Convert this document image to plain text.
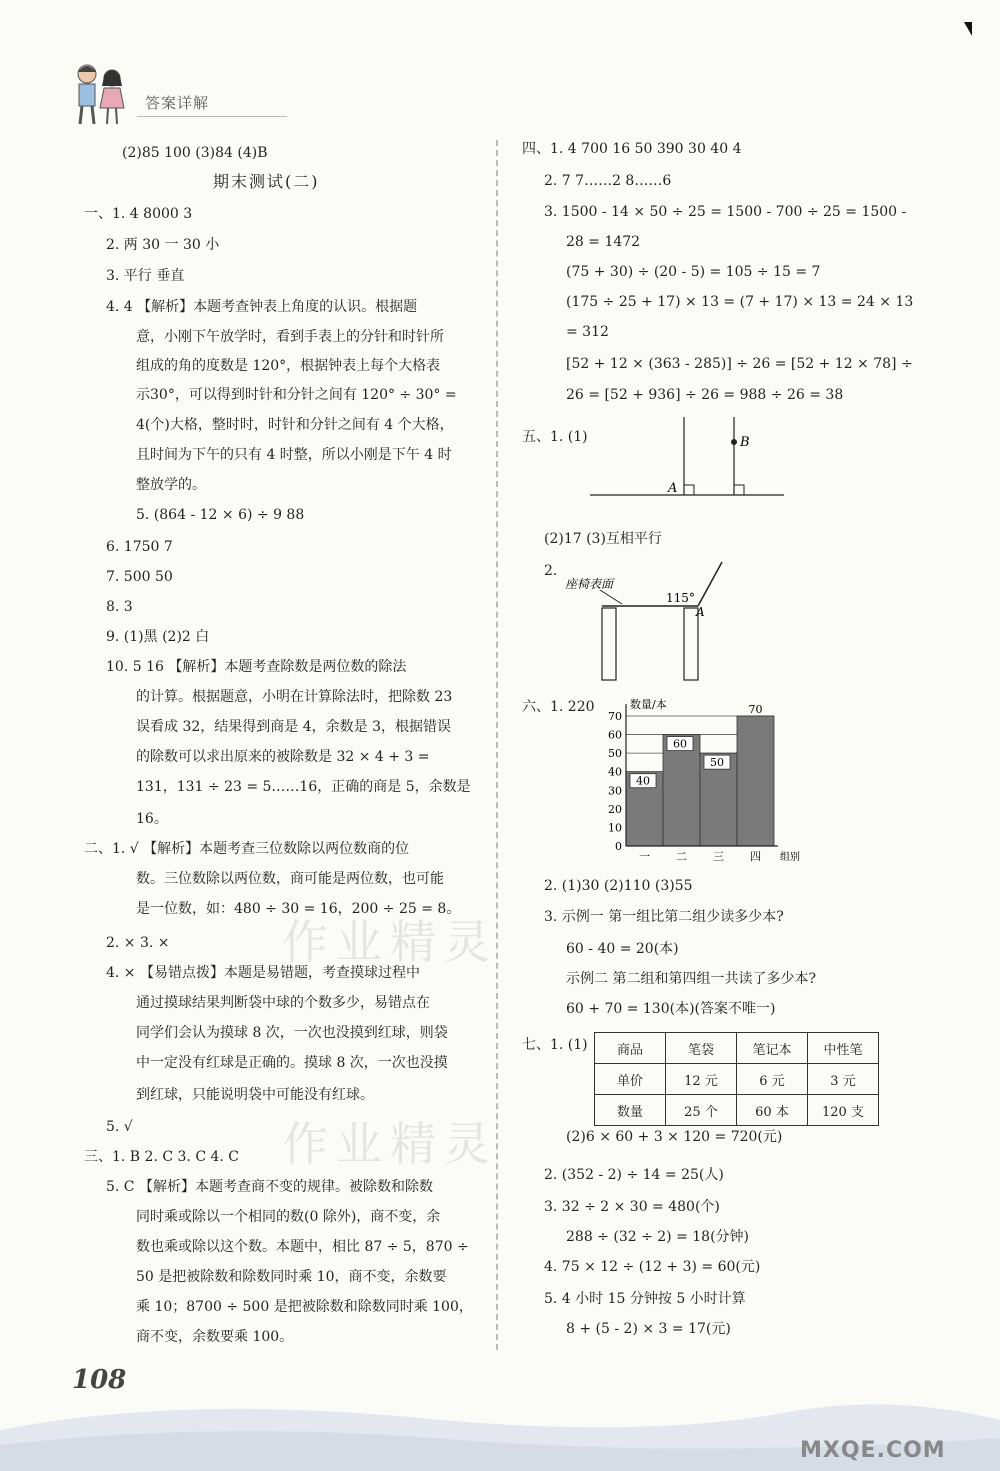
答案详解
作业精灵
作业精灵
(2)85 100 (3)84 (4)B
期末测试(二)
一、1. 4 8000 3
2. 两 30 一 30 小
3. 平行 垂直
4. 4 【解析】本题考查钟表上角度的认识。根据题
意，小刚下午放学时，看到手表上的分针和时针所
组成的角的度数是 120°，根据钟表上每个大格表
示30°，可以得到时针和分针之间有 120° ÷ 30° =
4(个)大格，整时时，时针和分针之间有 4 个大格，
且时间为下午的只有 4 时整，所以小刚是下午 4 时
整放学的。
5. (864 - 12 × 6) ÷ 9 88
6. 1750 7
7. 500 50
8. 3
9. (1)黑 (2)2 白
10. 5 16 【解析】本题考查除数是两位数的除法
的计算。根据题意，小明在计算除法时，把除数 23
误看成 32，结果得到商是 4，余数是 3，根据错误
的除数可以求出原来的被除数是 32 × 4 + 3 =
131，131 ÷ 23 = 5……16，正确的商是 5，余数是
16。
二、1. √ 【解析】本题考查三位数除以两位数商的位
数。三位数除以两位数，商可能是两位数，也可能
是一位数，如：480 ÷ 30 = 16，200 ÷ 25 = 8。
2. × 3. ×
4. × 【易错点拨】本题是易错题，考查摸球过程中
通过摸球结果判断袋中球的个数多少，易错点在
同学们会认为摸球 8 次，一次也没摸到红球，则袋
中一定没有红球是正确的。摸球 8 次，一次也没摸
到红球，只能说明袋中可能没有红球。
5. √
三、1. B 2. C 3. C 4. C
5. C 【解析】本题考查商不变的规律。被除数和除数
同时乘或除以一个相同的数(0 除外)，商不变，余
数也乘或除以这个数。本题中，相比 87 ÷ 5，870 ÷
50 是把被除数和除数同时乘 10，商不变，余数要
乘 10；8700 ÷ 500 是把被除数和除数同时乘 100，
商不变，余数要乘 100。
四、1. 4 700 16 50 390 30 40 4
2. 7 7……2 8……6
3. 1500 - 14 × 50 ÷ 25 = 1500 - 700 ÷ 25 = 1500 -
28 = 1472
(75 + 30) ÷ (20 - 5) = 105 ÷ 15 = 7
(175 ÷ 25 + 17) × 13 = (7 + 17) × 13 = 24 × 13
= 312
[52 + 12 × (363 - 285)] ÷ 26 = [52 + 12 × 78] ÷
26 = [52 + 936] ÷ 26 = 988 ÷ 26 = 38
五、1. (1)	B
A
(2)17 (3)互相平行
2.
座椅表面
115°
A
六、1. 220
0
10
20
30
40
50
60
70
40
一
60
二
50
三
70
四
数量/本
组别
2. (1)30 (2)110 (3)55
3. 示例一 第一组比第二组少读多少本?
60 - 40 = 20(本)
示例二 第二组和第四组一共读了多少本?
60 + 70 = 130(本)(答案不唯一)
七、1. (1) 商品	笔袋	笔记本	中性笔
单价	12 元	6 元	3 元
数量	25 个	60 本	120 支
(2)6 × 60 + 3 × 120 = 720(元)
2. (352 - 2) ÷ 14 = 25(人)
3. 32 ÷ 2 × 30 = 480(个)
288 ÷ (32 ÷ 2) = 18(分钟)
4. 75 × 12 ÷ (12 + 3) = 60(元)
5. 4 小时 15 分钟按 5 小时计算
8 + (5 - 2) × 3 = 17(元)
108
MXQE.COM
